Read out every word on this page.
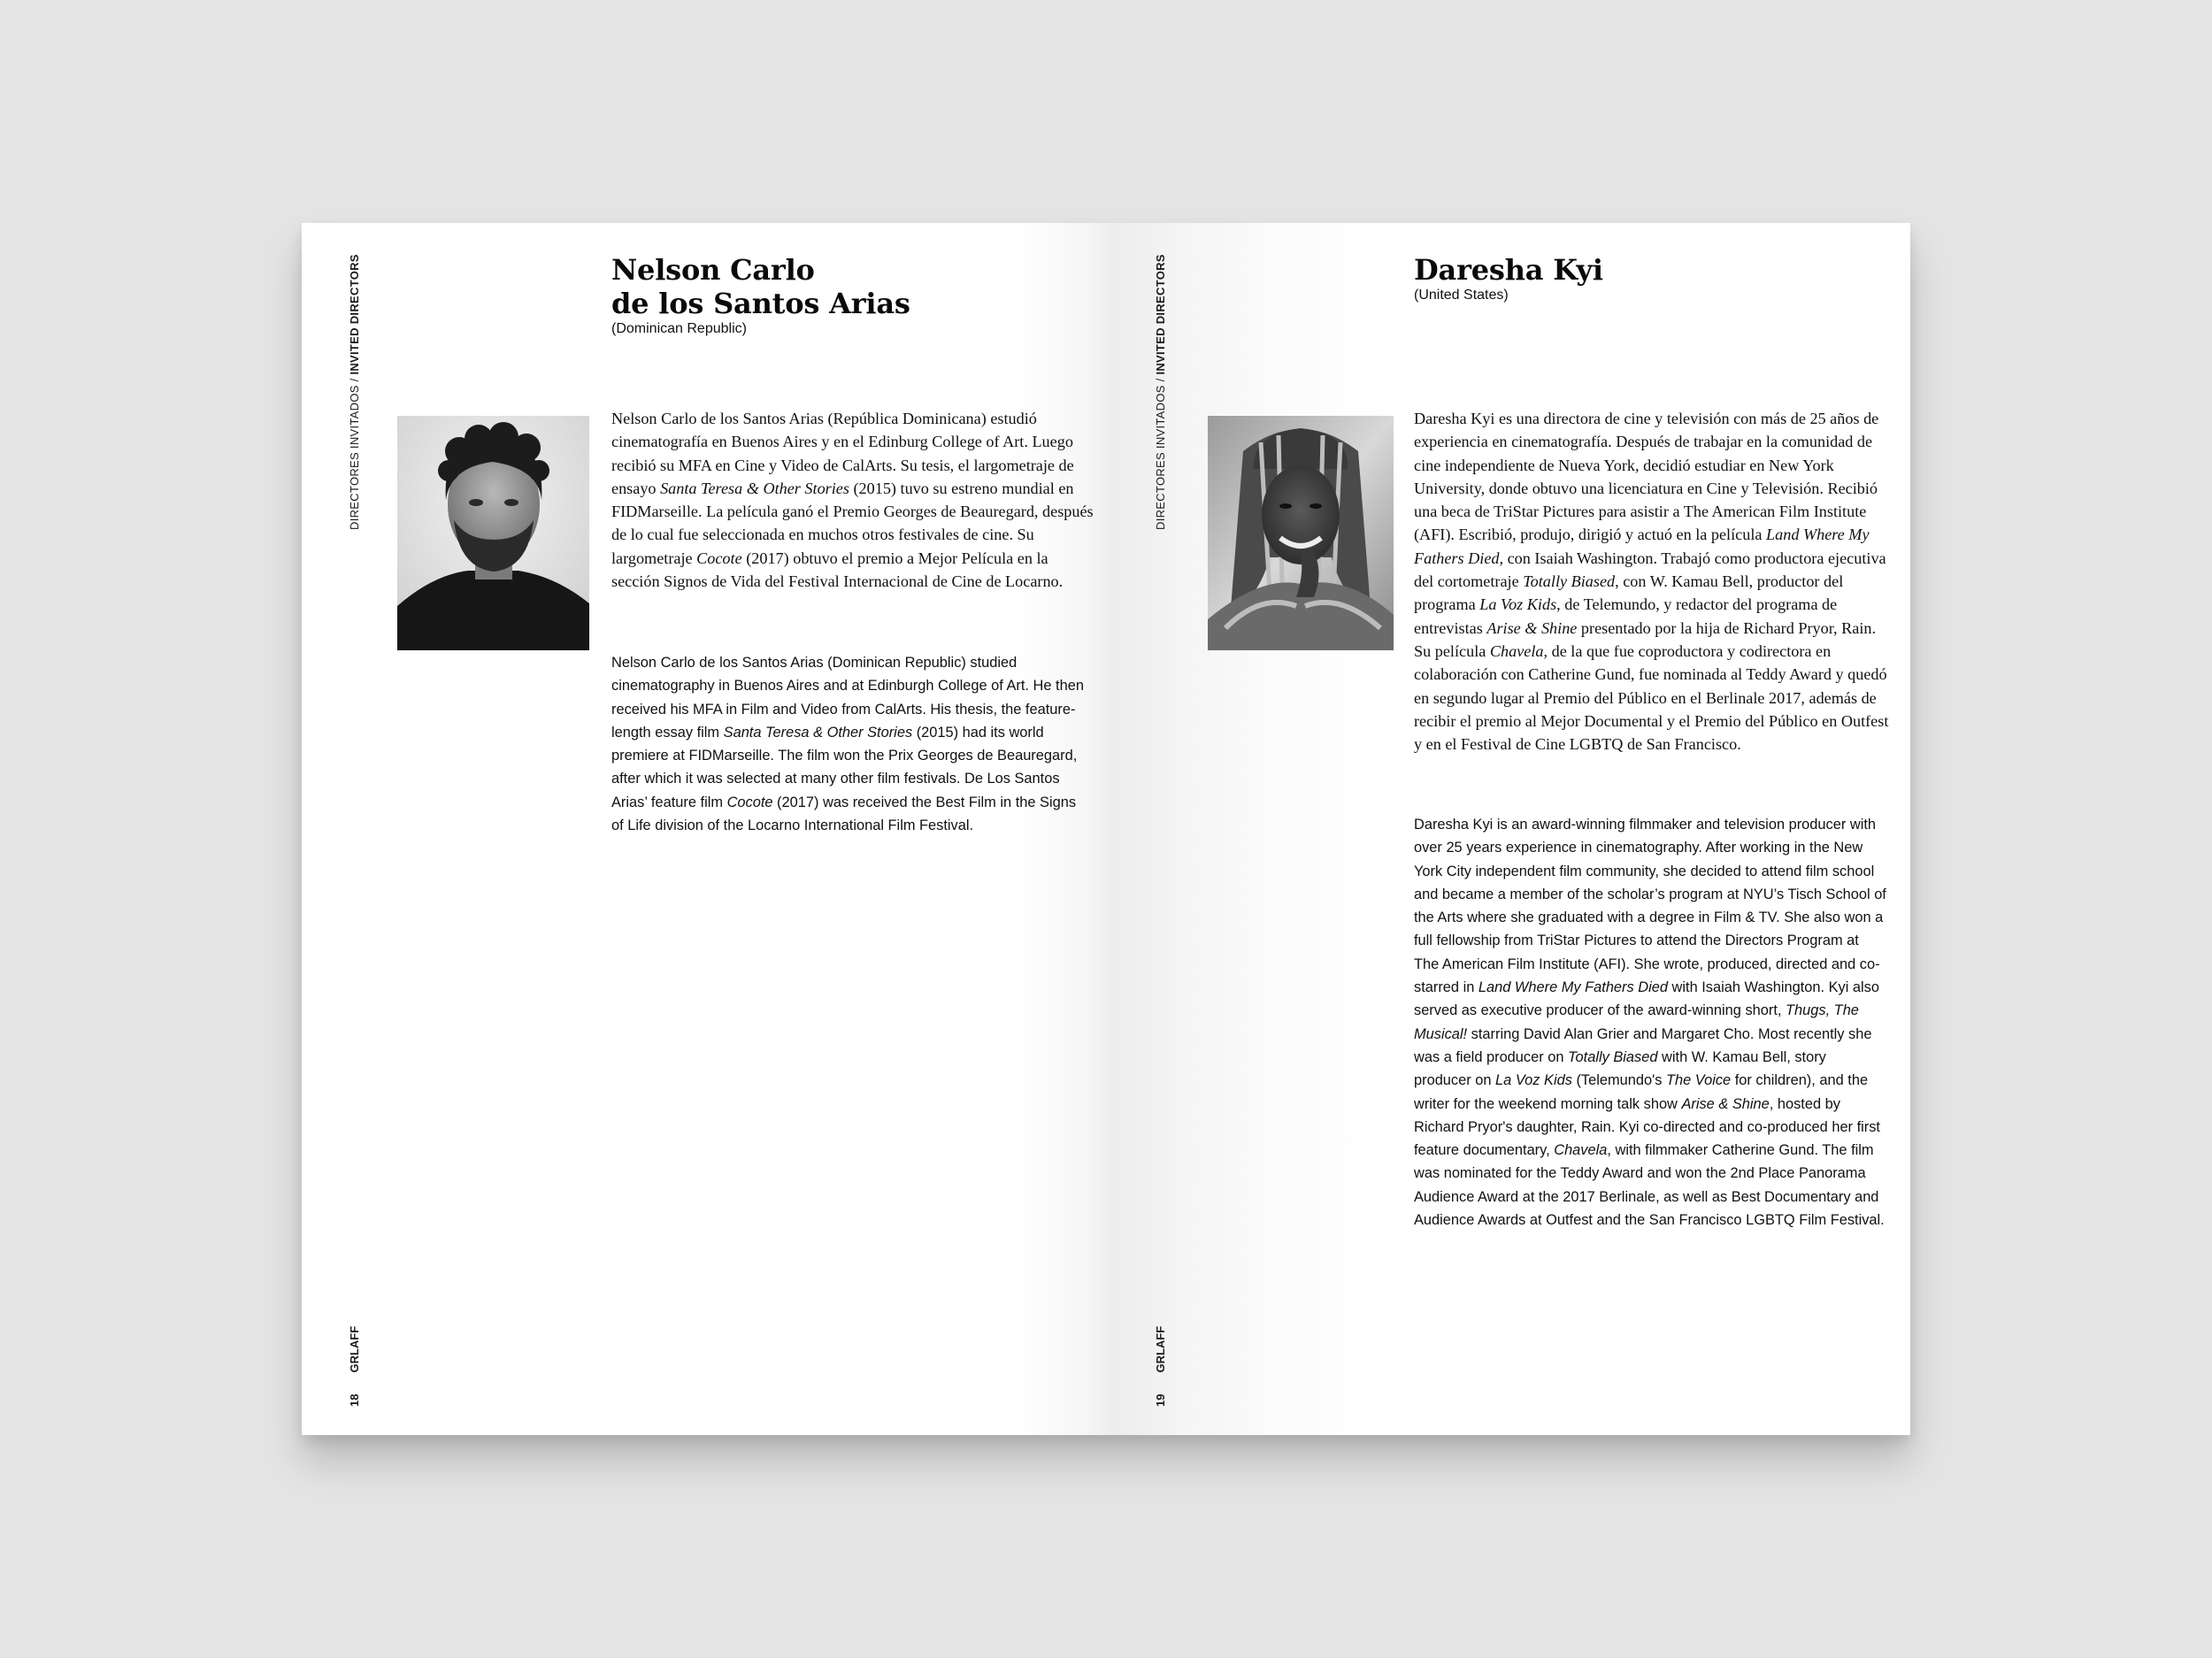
DIRECTORES INVITADOS / INVITED DIRECTORS	Nelson Carlo
de los Santos Arias
(Dominican Republic)

Nelson Carlo de los Santos Arias (República Dominicana) estudió cinematografía en Buenos Aires y en el Edinburg College of Art. Luego recibió su MFA en Cine y Video de CalArts. Su tesis, el largometraje de ensayo Santa Teresa & Other Stories (2015) tuvo su estreno mundial en FIDMarseille. La película ganó el Premio Georges de Beauregard, después de lo cual fue seleccionada en muchos otros festivales de cine. Su largometraje Cocote (2017) obtuvo el premio a Mejor Película en la sección Signos de Vida del Festival Internacional de Cine de Locarno.

Nelson Carlo de los Santos Arias (Dominican Republic) studied cinematography in Buenos Aires and at Edinburgh College of Art. He then received his MFA in Film and Video from CalArts. His thesis, the feature-length essay film Santa Teresa & Other Stories (2015) had its world premiere at FIDMarseille. The film won the Prix Georges de Beauregard, after which it was selected at many other film festivals. De Los Santos Arias’ feature film Cocote (2017) was received the Best Film in the Signs of Life division of the Locarno International Film Festival.

18GRLAFF
DIRECTORES INVITADOS / INVITED DIRECTORS	Daresha Kyi
(United States)

Daresha Kyi es una directora de cine y televisión con más de 25 años de experiencia en cinematografía. Después de trabajar en la comunidad de cine independiente de Nueva York, decidió estudiar en New York University, donde obtuvo una licenciatura en Cine y Televisión. Recibió una beca de TriStar Pictures para asistir a The American Film Institute (AFI). Escribió, produjo, dirigió y actuó en la película Land Where My Fathers Died, con Isaiah Washington. Trabajó como productora ejecutiva del cortometraje Totally Biased, con W. Kamau Bell, productor del programa La Voz Kids, de Telemundo, y redactor del programa de entrevistas Arise & Shine presentado por la hija de Richard Pryor, Rain. Su película Chavela, de la que fue coproductora y codirectora en colaboración con Catherine Gund, fue nominada al Teddy Award y quedó en segundo lugar al Premio del Público en el Berlinale 2017, además de recibir el premio al Mejor Documental y el Premio del Público en Outfest y en el Festival de Cine LGBTQ de San Francisco.

Daresha Kyi is an award-winning filmmaker and television producer with over 25 years experience in cinematography. After working in the New York City independent film community, she decided to attend film school and became a member of the scholar’s program at NYU’s Tisch School of the Arts where she graduated with a degree in Film & TV. She also won a full fellowship from TriStar Pictures to attend the Directors Program at The American Film Institute (AFI). She wrote, produced, directed and co-starred in Land Where My Fathers Died with Isaiah Washington. Kyi also served as executive producer of the award-winning short, Thugs, The Musical! starring David Alan Grier and Margaret Cho. Most recently she was a field producer on Totally Biased with W. Kamau Bell, story producer on La Voz Kids (Telemundo's The Voice for children), and the writer for the weekend morning talk show Arise & Shine, hosted by Richard Pryor's daughter, Rain. Kyi co-directed and co-produced her first feature documentary, Chavela, with filmmaker Catherine Gund. The film was nominated for the Teddy Award and won the 2nd Place Panorama Audience Award at the 2017 Berlinale, as well as Best Documentary and Audience Awards at Outfest and the San Francisco LGBTQ Film Festival.

19GRLAFF
